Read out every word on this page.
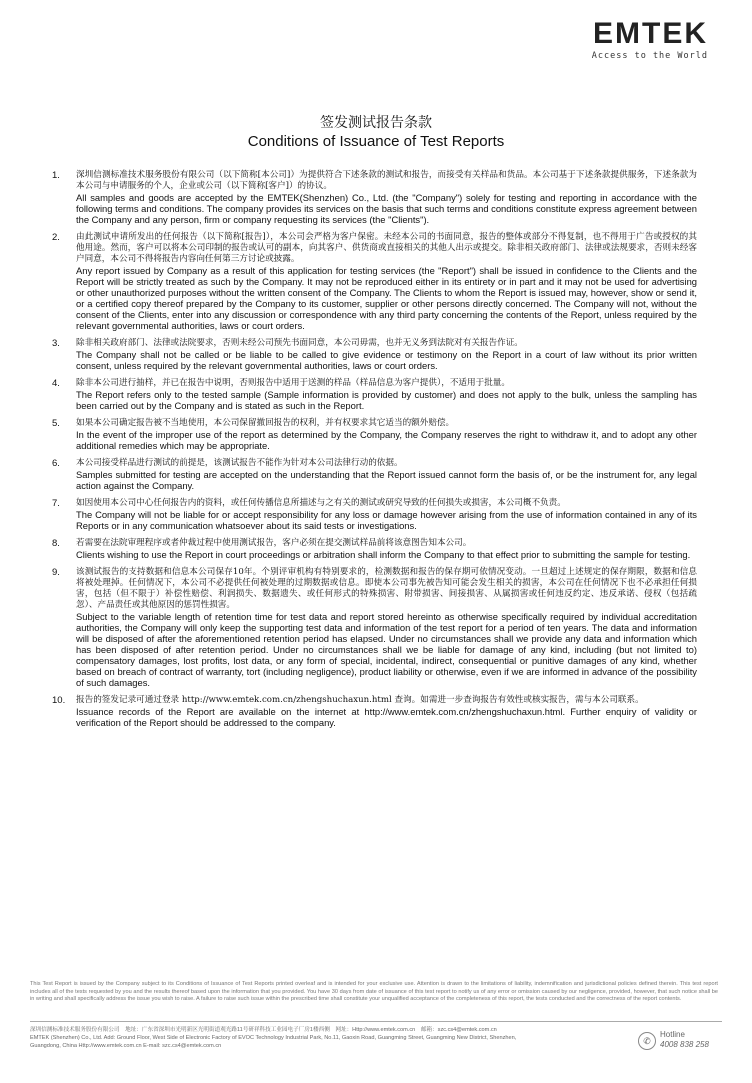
EMTEK
Access to the World
签发测试报告条款
Conditions of Issuance of Test Reports
1.	深圳信测标准技术服务股份有限公司（以下简称[本公司]）为提供符合下述条款的测试和报告，而接受有关样品和货品。本公司基于下述条款提供服务，下述条款为本公司与申请服务的个人，企业或公司（以下简称[客户]）的协议。
All samples and goods are accepted by the EMTEK(Shenzhen) Co., Ltd. (the "Company") solely for testing and reporting in accordance with the following terms and conditions. The company provides its services on the basis that such terms and conditions constitute express agreement between the Company and any person, firm or company requesting its services (the "Clients").
2.	由此测试申请所发出的任何报告（以下简称[报告]），本公司会严格为客户保密。未经本公司的书面同意，报告的整体或部分不得复制，也不得用于广告或授权的其他用途。然而，客户可以将本公司印制的报告或认可的副本，向其客户、供货商或直接相关的其他人出示或提交。除非相关政府部门、法律或法规要求，否则未经客户同意，本公司不得将报告内容向任何第三方讨论或披露。
Any report issued by Company as a result of this application for testing services (the "Report") shall be issued in confidence to the Clients and the Report will be strictly treated as such by the Company. It may not be reproduced either in its entirety or in part and it may not be used for advertising or other unauthorized purposes without the written consent of the Company. The Clients to whom the Report is issued may, however, show or send it, or a certified copy thereof prepared by the Company to its customer, supplier or other persons directly concerned. The Company will not, without the consent of the Clients, enter into any discussion or correspondence with any third party concerning the contents of the Report, unless required by the relevant governmental authorities, laws or court orders.
3.	除非相关政府部门、法律或法院要求，否则未经公司预先书面同意，本公司毋需，也并无义务到法院对有关报告作证。
The Company shall not be called or be liable to be called to give evidence or testimony on the Report in a court of law without its prior written consent, unless required by the relevant governmental authorities, laws or court orders.
4.	除非本公司进行抽样，并已在报告中说明，否则报告中适用于送测的样品（样品信息为客户提供），不适用于批量。
The Report refers only to the tested sample (Sample information is provided by customer) and does not apply to the bulk, unless the sampling has been carried out by the Company and is stated as such in the Report.
5.	如果本公司确定报告被不当地使用，本公司保留撤回报告的权利，并有权要求其它适当的额外赔偿。
In the event of the improper use of the report as determined by the Company, the Company reserves the right to withdraw it, and to adopt any other additional remedies which may be appropriate.
6.	本公司接受样品进行测试的前提是，该测试报告不能作为针对本公司法律行动的依据。
Samples submitted for testing are accepted on the understanding that the Report issued cannot form the basis of, or be the instrument for, any legal action against the Company.
7.	如因使用本公司中心任何报告内的资料，或任何传播信息所描述与之有关的测试或研究导致的任何损失或损害，本公司概不负责。
The Company will not be liable for or accept responsibility for any loss or damage however arising from the use of information contained in any of its Reports or in any communication whatsoever about its said tests or investigations.
8.	若需要在法院审理程序或者仲裁过程中使用测试报告，客户必须在提交测试样品前将该意图告知本公司。
Clients wishing to use the Report in court proceedings or arbitration shall inform the Company to that effect prior to submitting the sample for testing.
9.	该测试报告的支持数据和信息本公司保存10年。个别评审机构有特别要求的，检测数据和报告的保存期可依情况变动。一旦超过上述规定的保存期限，数据和信息将被处理掉。任何情况下，本公司不必提供任何被处理的过期数据或信息。即使本公司事先被告知可能会发生相关的损害，本公司在任何情况下也不必承担任何损害，包括（但不限于）补偿性赔偿、利润损失、数据遗失、或任何形式的特殊损害、附带损害、间接损害、从属损害或任何违反约定、违反承诺、侵权（包括疏忽）、产品责任或其他原因的惩罚性损害。
Subject to the variable length of retention time for test data and report stored hereinto as otherwise specifically required by individual accreditation authorities, the Company will only keep the supporting test data and information of the test report for a period of ten years. The data and information will be disposed of after the aforementioned retention period has elapsed. Under no circumstances shall we provide any data and information which has been disposed of after retention period. Under no circumstances shall we be liable for damage of any kind, including (but not limited to) compensatory damages, lost profits, lost data, or any form of special, incidental, indirect, consequential or punitive damages of any kind, whether based on breach of contract of warranty, tort (including negligence), product liability or otherwise, even if we are informed in advance of the possibility of such damages.
10.	报告的签发记录可通过登录 http://www.emtek.com.cn/zhengshuchaxun.html 查询。如需进一步查询报告有效性或核实报告，需与本公司联系。
Issuance records of the Report are available on the internet at http://www.emtek.com.cn/zhengshuchaxun.html. Further enquiry of validity or verification of the Report should be addressed to the company.
This Test Report is issued by the Company subject to its Conditions of Issuance of Test Reports printed overleaf and is intended for your exclusive use. Attention is drawn to the limitations of liability, indemnification and jurisdictional policies defined therein. This test report includes all of the tests requested by you and the results thereof based upon the information that you provided. You have 30 days from date of issuance of this test report to notify us of any error or omission caused by our negligence, provided, however, that such notice shall be in writing and shall specifically address the issue you wish to raise. A failure to raise such issue within the prescribed time shall constitute your unqualified acceptance of the completeness of this report, the tests conducted and the correctness of the report contents.
深圳信测标准技术服务股份有限公司　地址：广东省深圳市光明新区光明街道观光路11号研祥科技工业园电子厂房1楼西侧　网址：Http://www.emtek.com.cn　邮箱：szc.cs4@emtek.com.cn
EMTEK (Shenzhen) Co., Ltd. Add: Ground Floor, West Side of Electronic Factory of EVOC Technology Industrial Park, No.11, Gaoxin Road, Guangming Street, Guangming New District, Shenzhen,
Guangdong, China Http://www.emtek.com.cn E-mail: szc.cs4@emtek.com.cn	✆
Hotline
4008 838 258
